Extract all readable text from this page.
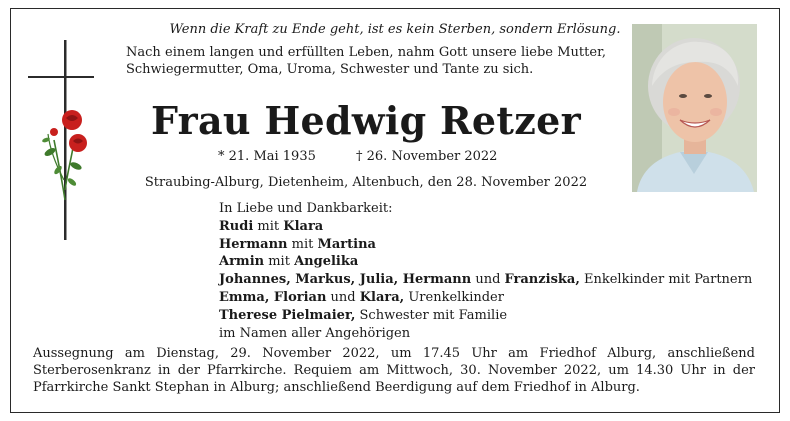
Wenn die Kraft zu Ende geht, ist es kein Sterben, sondern Erlösung.
Nach einem langen und erfüllten Leben, nahm Gott unsere liebe Mutter, Schwiegermutter, Oma, Uroma, Schwester und Tante zu sich.
Frau Hedwig Retzer
* 21. Mai 1935	† 26. November 2022
Straubing-Alburg, Dietenheim, Altenbuch, den 28. November 2022
In Liebe und Dankbarkeit:
Rudi mit Klara
Hermann mit Martina
Armin mit Angelika
Johannes, Markus, Julia, Hermann und Franziska, Enkelkinder mit Partnern
Emma, Florian und Klara, Urenkelkinder
Therese Pielmaier, Schwester mit Familie
im Namen aller Angehörigen
Aussegnung am Dienstag, 29. November 2022, um 17.45 Uhr am Friedhof Alburg, anschließend Sterberosenkranz in der Pfarrkirche. Requiem am Mittwoch, 30. November 2022, um 14.30 Uhr in der Pfarrkirche Sankt Stephan in Alburg; anschließend Beerdigung auf dem Friedhof in Alburg.
